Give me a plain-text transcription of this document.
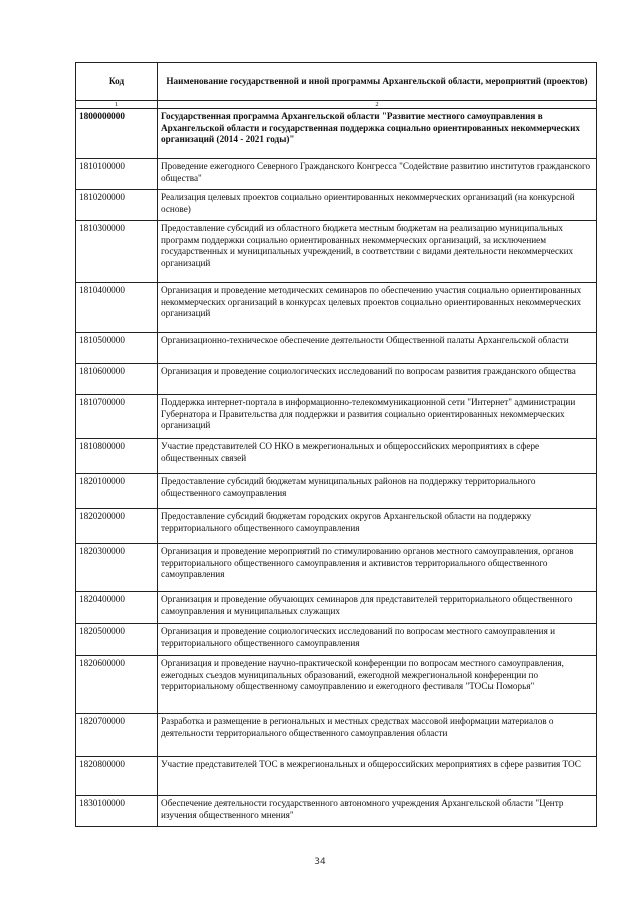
Код	Наименование государственной и иной программы Архангельской области, мероприятий (проектов)
1	2
1800000000	Государственная программа Архангельской области "Развитие местного самоуправления в Архангельской области и государственная поддержка социально ориентированных некоммерческих организаций (2014 - 2021 годы)"
1810100000	Проведение ежегодного Северного Гражданского Конгресса "Содействие развитию институтов гражданского общества"
1810200000	Реализация целевых проектов социально ориентированных некоммерческих организаций (на конкурсной основе)
1810300000	Предоставление субсидий из областного бюджета местным бюджетам на реализацию муниципальных программ поддержки социально ориентированных некоммерческих организаций, за исключением государственных и муниципальных учреждений, в соответствии с видами деятельности некоммерческих организаций
1810400000	Организация и проведение методических семинаров по обеспечению участия социально ориентированных некоммерческих организаций в конкурсах целевых проектов социально ориентированных некоммерческих организаций
1810500000	Организационно-техническое обеспечение деятельности Общественной палаты Архангельской области
1810600000	Организация и проведение социологических исследований по вопросам развития гражданского общества
1810700000	Поддержка интернет-портала в информационно-телекоммуникационной сети "Интернет" администрации Губернатора и Правительства для поддержки и развития социально ориентированных некоммерческих организаций
1810800000	Участие представителей СО НКО в межрегиональных и общероссийских мероприятиях в сфере общественных связей
1820100000	Предоставление субсидий бюджетам муниципальных районов на поддержку территориального общественного самоуправления
1820200000	Предоставление субсидий бюджетам городских округов Архангельской области на поддержку территориального общественного самоуправления
1820300000	Организация и проведение мероприятий по стимулированию органов местного самоуправления, органов территориального общественного самоуправления и активистов территориального общественного самоуправления
1820400000	Организация и проведение обучающих семинаров для представителей территориального общественного самоуправления и муниципальных служащих
1820500000	Организация и проведение социологических исследований по вопросам местного самоуправления и территориального общественного самоуправления
1820600000	Организация и проведение научно-практической конференции по вопросам местного самоуправления, ежегодных съездов муниципальных образований, ежегодной межрегиональной конференции по территориальному общественному самоуправлению и ежегодного фестиваля "ТОСы Поморья"
1820700000	Разработка и размещение в региональных и местных средствах массовой информации материалов о деятельности территориального общественного самоуправления области
1820800000	Участие представителей ТОС в межрегиональных и общероссийских мероприятиях в сфере развития ТОС
1830100000	Обеспечение деятельности государственного автономного учреждения Архангельской области "Центр изучения общественного мнения"
34
